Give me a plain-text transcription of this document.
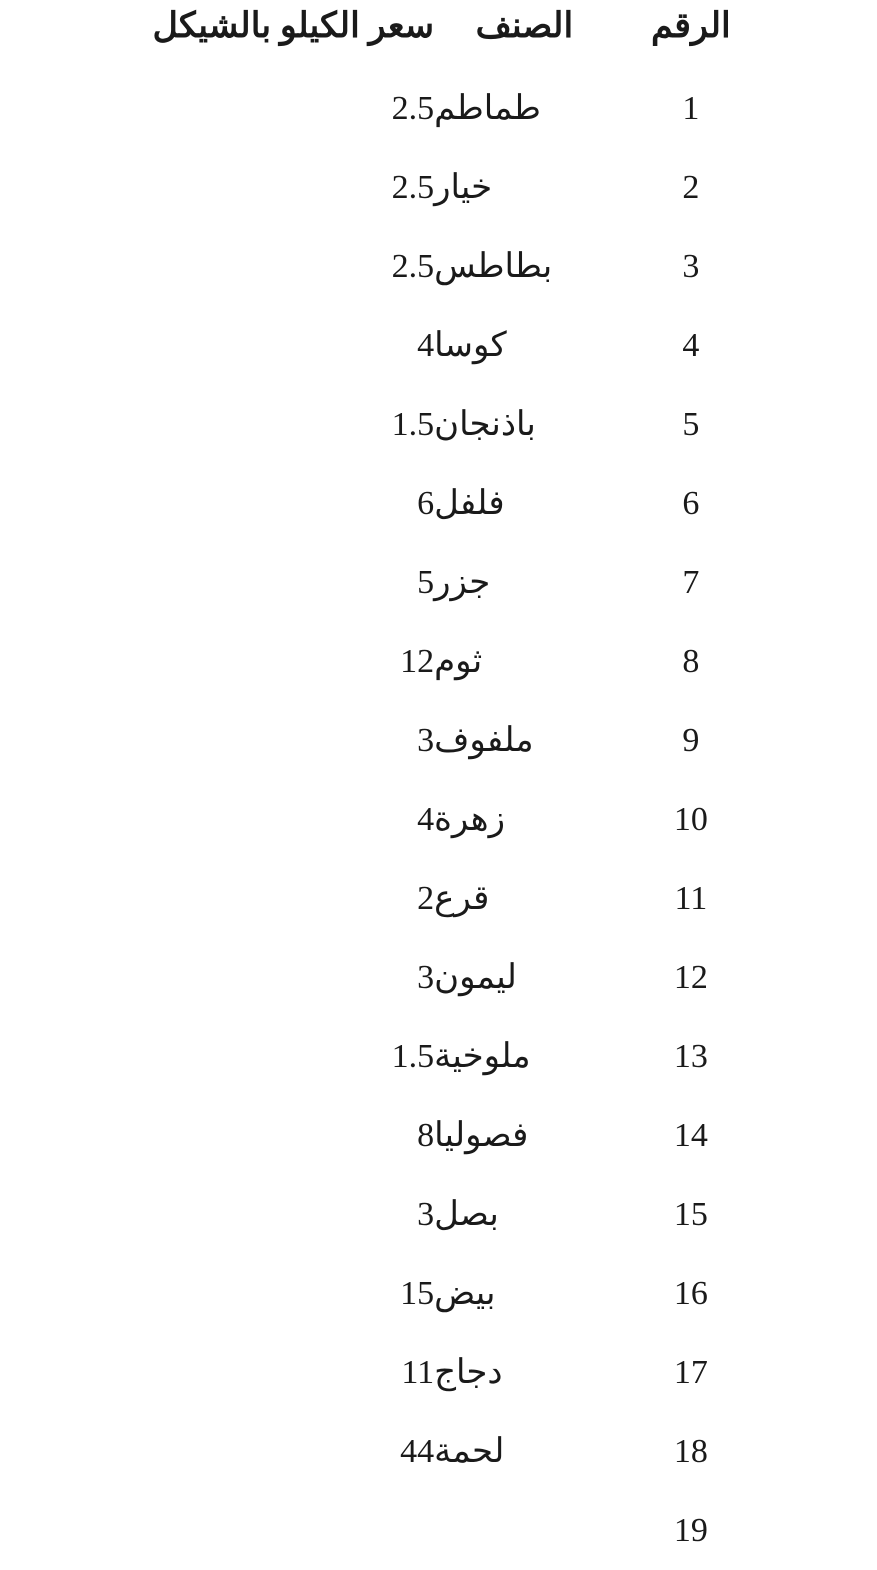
الرقم	الصنف	سعر الكيلو بالشيكل
1	طماطم	2.5
2	خيار	2.5
3	بطاطس	2.5
4	كوسا	4
5	باذنجان	1.5
6	فلفل	6
7	جزر	5
8	ثوم	12
9	ملفوف	3
10	زهرة	4
11	قرع	2
12	ليمون	3
13	ملوخية	1.5
14	فصوليا	8
15	بصل	3
16	بيض	15
17	دجاج	11
18	لحمة	44
19		
